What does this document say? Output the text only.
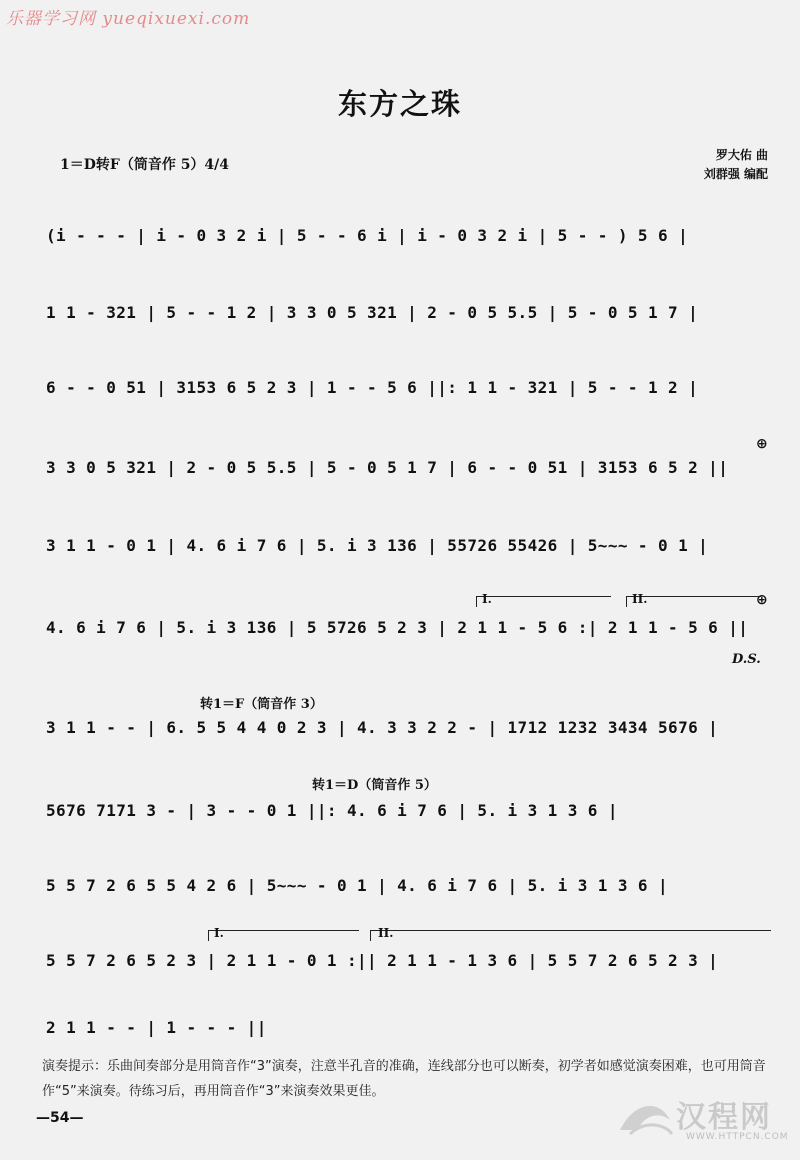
乐器学习网 yueqixuexi.com
东方之珠
1＝D转F（筒音作 5）4/4
罗大佑 曲
刘群强 编配
(i - - - | i - 0 3 2 i | 5 - - 6 i | i - 0 3 2 i | 5 - - ) 5 6 |
1 1 - 321 | 5 - - 1 2 | 3 3 0 5 321 | 2 - 0 5 5.5 | 5 - 0 5 1 7 |
6 - - 0 51 | 3153 6 5 2 3 | 1 - - 5 6 ||: 1 1 - 321 | 5 - - 1 2 |
3 3 0 5 321 | 2 - 0 5 5.5 | 5 - 0 5 1 7 | 6 - - 0 51 | 3153 6 5 2 ||
3 1 1 - 0 1 | 4. 6 i 7 6 | 5. i 3 136 | 55726 55426 | 5~~~ - 0 1 |
4. 6 i 7 6 | 5. i 3 136 | 5 5726 5 2 3 | 2 1 1 - 5 6 :| 2 1 1 - 5 6 ||
3 1 1 - - | 6. 5 5 4 4 0 2 3 | 4. 3 3 2 2 - | 1712 1232 3434 5676 |
5676 7171 3 - | 3 - - 0 1 ||: 4. 6 i 7 6 | 5. i 3 1 3 6 |
5 5 7 2 6 5 5 4 2 6 | 5~~~ - 0 1 | 4. 6 i 7 6 | 5. i 3 1 3 6 |
5 5 7 2 6 5 2 3 | 2 1 1 - 0 1 :|| 2 1 1 - 1 3 6 | 5 5 7 2 6 5 2 3 |
2 1 1 - - | 1 - - - ||
⊕
⊕
I.	II.
I.	II.
D.S.
转1＝F（筒音作 3）
转1＝D（筒音作 5）
演奏提示：乐曲间奏部分是用筒音作“3”演奏，注意半孔音的准确，连线部分也可以断奏，初学者如感觉演奏困难，也可用筒音作“5”来演奏。待练习后，再用筒音作“3”来演奏效果更佳。
—54—	汉程网
WWW.HTTPCN.COM
